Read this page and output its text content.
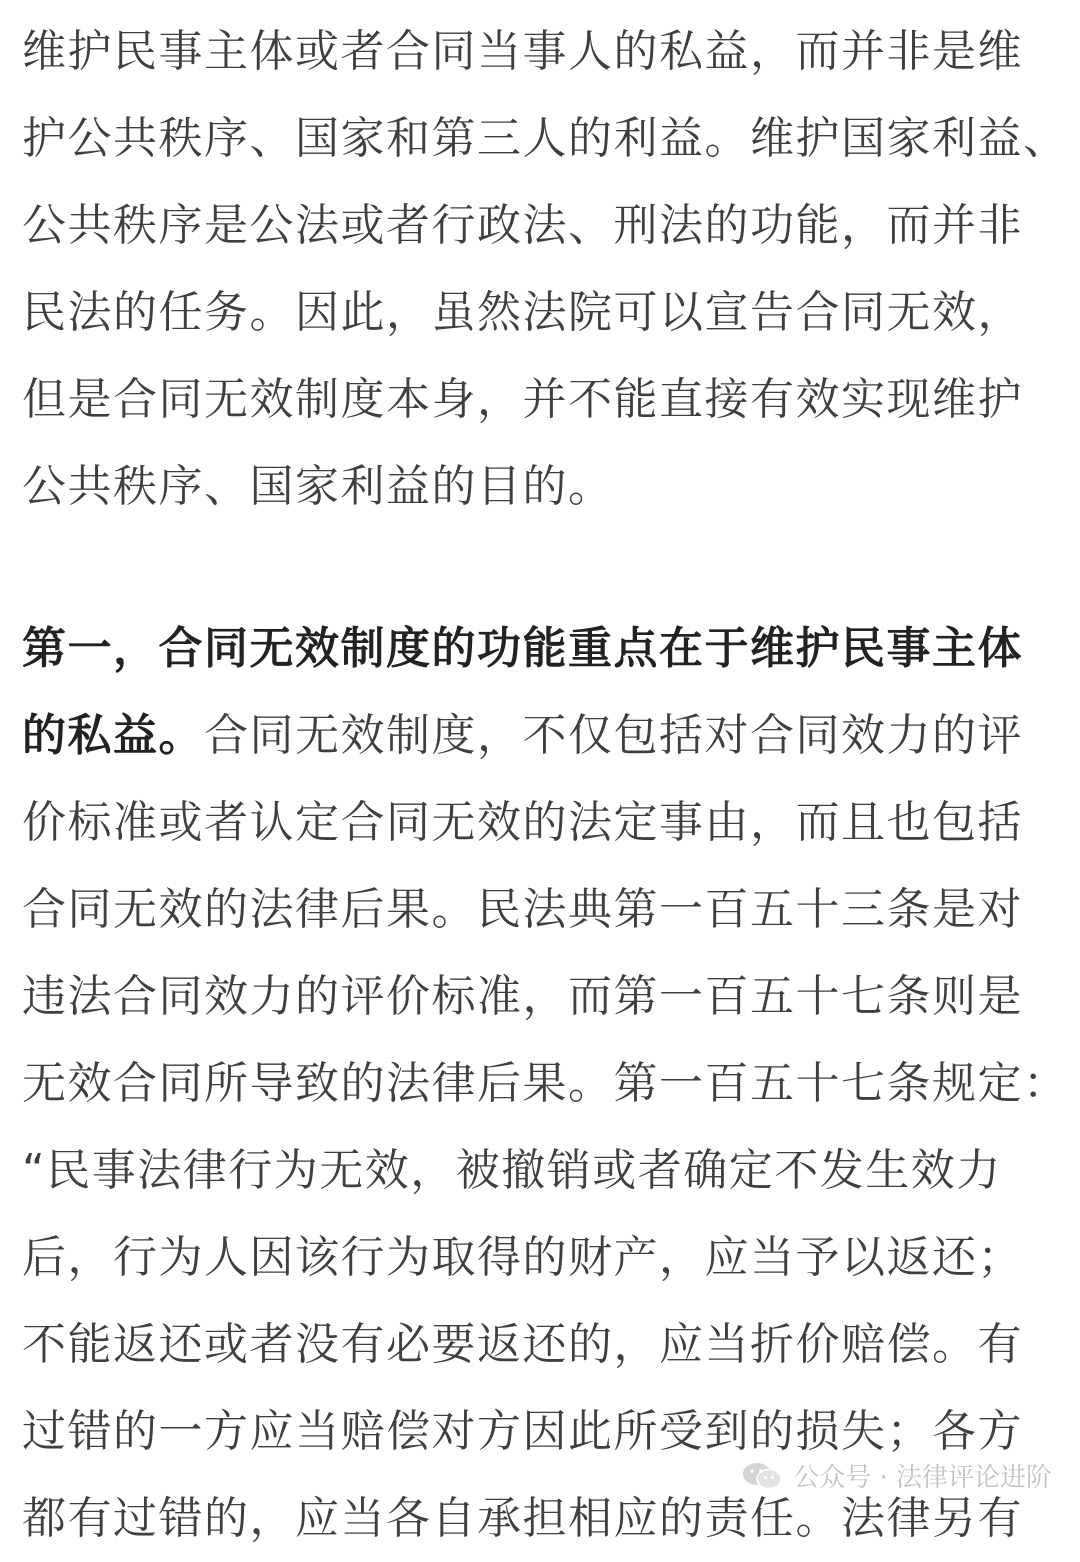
维护民事主体或者合同当事人的私益，而并非是维
护公共秩序、国家和第三人的利益。维护国家利益、
公共秩序是公法或者行政法、刑法的功能，而并非
民法的任务。因此，虽然法院可以宣告合同无效，
但是合同无效制度本身，并不能直接有效实现维护
公共秩序、国家利益的目的。
第一，合同无效制度的功能重点在于维护民事主体
的私益。合同无效制度，不仅包括对合同效力的评
价标准或者认定合同无效的法定事由，而且也包括
合同无效的法律后果。民法典第一百五十三条是对
违法合同效力的评价标准，而第一百五十七条则是
无效合同所导致的法律后果。第一百五十七条规定：
“民事法律行为无效，被撤销或者确定不发生效力
后，行为人因该行为取得的财产，应当予以返还；
不能返还或者没有必要返还的，应当折价赔偿。有
过错的一方应当赔偿对方因此所受到的损失；各方
都有过错的，应当各自承担相应的责任。法律另有
公众号 · 法律评论进阶
